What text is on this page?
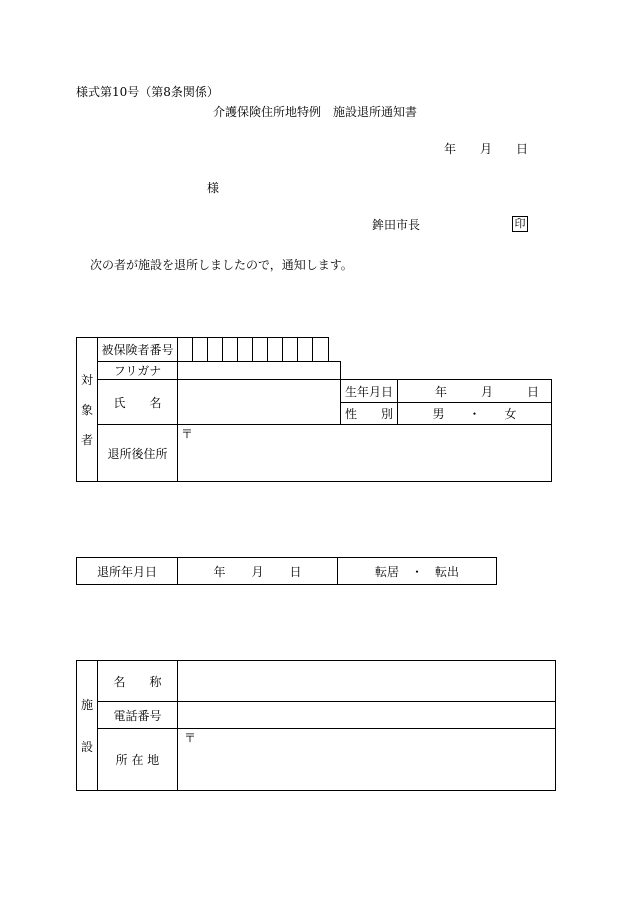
様式第10号（第8条関係）
介護保険住所地特例　施設退所通知書
年 月 日
様
鉾田市長	印
次の者が施設を退所しましたので，通知します。
対
象
者	被保険者番号													
	フリガナ													
	氏　　名												生年月日	年 月 日
													性　　別	男　　・　　女
	退所後住所	〒												
退所年月日	年 月 日	転居　・　転出
施
設	名　　称	
	電話番号	
	所 在 地	〒
